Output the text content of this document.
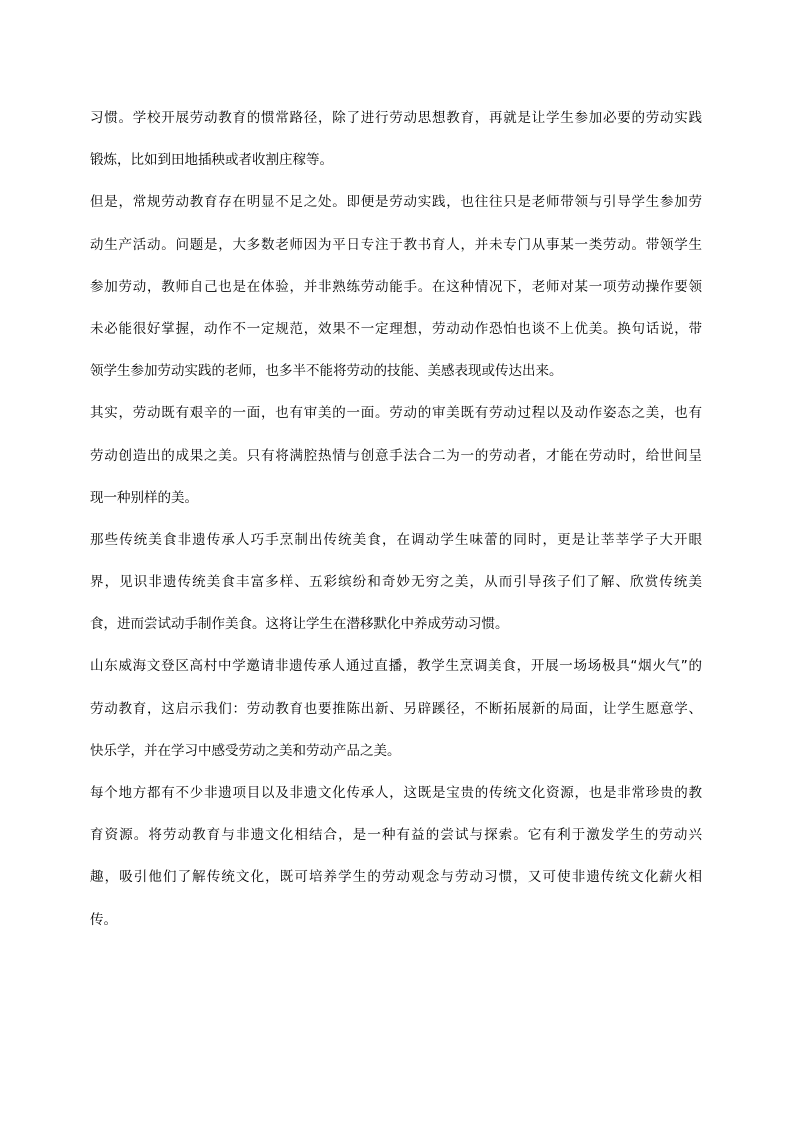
习惯。学校开展劳动教育的惯常路径，除了进行劳动思想教育，再就是让学生参加必要的劳动实践
锻炼，比如到田地插秧或者收割庄稼等。
但是，常规劳动教育存在明显不足之处。即便是劳动实践，也往往只是老师带领与引导学生参加劳
动生产活动。问题是，大多数老师因为平日专注于教书育人，并未专门从事某一类劳动。带领学生
参加劳动，教师自己也是在体验，并非熟练劳动能手。在这种情况下，老师对某一项劳动操作要领
未必能很好掌握，动作不一定规范，效果不一定理想，劳动动作恐怕也谈不上优美。换句话说，带
领学生参加劳动实践的老师，也多半不能将劳动的技能、美感表现或传达出来。
其实，劳动既有艰辛的一面，也有审美的一面。劳动的审美既有劳动过程以及动作姿态之美，也有
劳动创造出的成果之美。只有将满腔热情与创意手法合二为一的劳动者，才能在劳动时，给世间呈
现一种别样的美。
那些传统美食非遗传承人巧手烹制出传统美食，在调动学生味蕾的同时，更是让莘莘学子大开眼
界，见识非遗传统美食丰富多样、五彩缤纷和奇妙无穷之美，从而引导孩子们了解、欣赏传统美
食，进而尝试动手制作美食。这将让学生在潜移默化中养成劳动习惯。
山东威海文登区高村中学邀请非遗传承人通过直播，教学生烹调美食，开展一场场极具“烟火气”的
劳动教育，这启示我们：劳动教育也要推陈出新、另辟蹊径，不断拓展新的局面，让学生愿意学、
快乐学，并在学习中感受劳动之美和劳动产品之美。
每个地方都有不少非遗项目以及非遗文化传承人，这既是宝贵的传统文化资源，也是非常珍贵的教
育资源。将劳动教育与非遗文化相结合，是一种有益的尝试与探索。它有利于激发学生的劳动兴
趣，吸引他们了解传统文化，既可培养学生的劳动观念与劳动习惯，又可使非遗传统文化薪火相
传。
